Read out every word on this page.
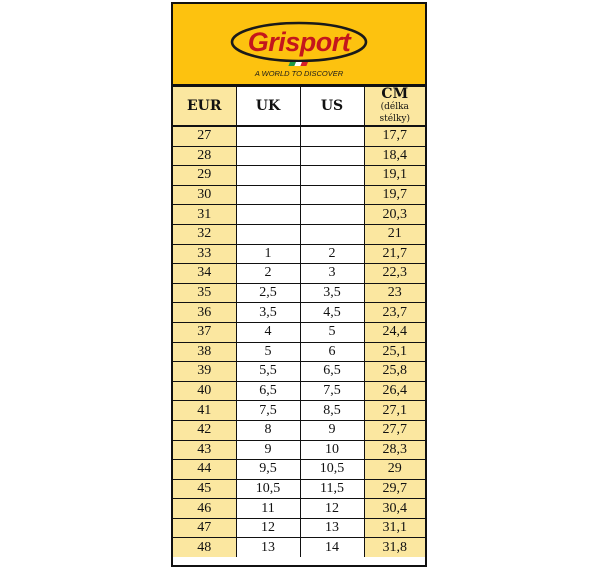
Grisport
A WORLD TO DISCOVER
EUR	UK	US	CM
(délka stélky)

27			17,7
28			18,4
29			19,1
30			19,7
31			20,3
32			21
33	1	2	21,7
34	2	3	22,3
35	2,5	3,5	23
36	3,5	4,5	23,7
37	4	5	24,4
38	5	6	25,1
39	5,5	6,5	25,8
40	6,5	7,5	26,4
41	7,5	8,5	27,1
42	8	9	27,7
43	9	10	28,3
44	9,5	10,5	29
45	10,5	11,5	29,7
46	11	12	30,4
47	12	13	31,1
48	13	14	31,8
